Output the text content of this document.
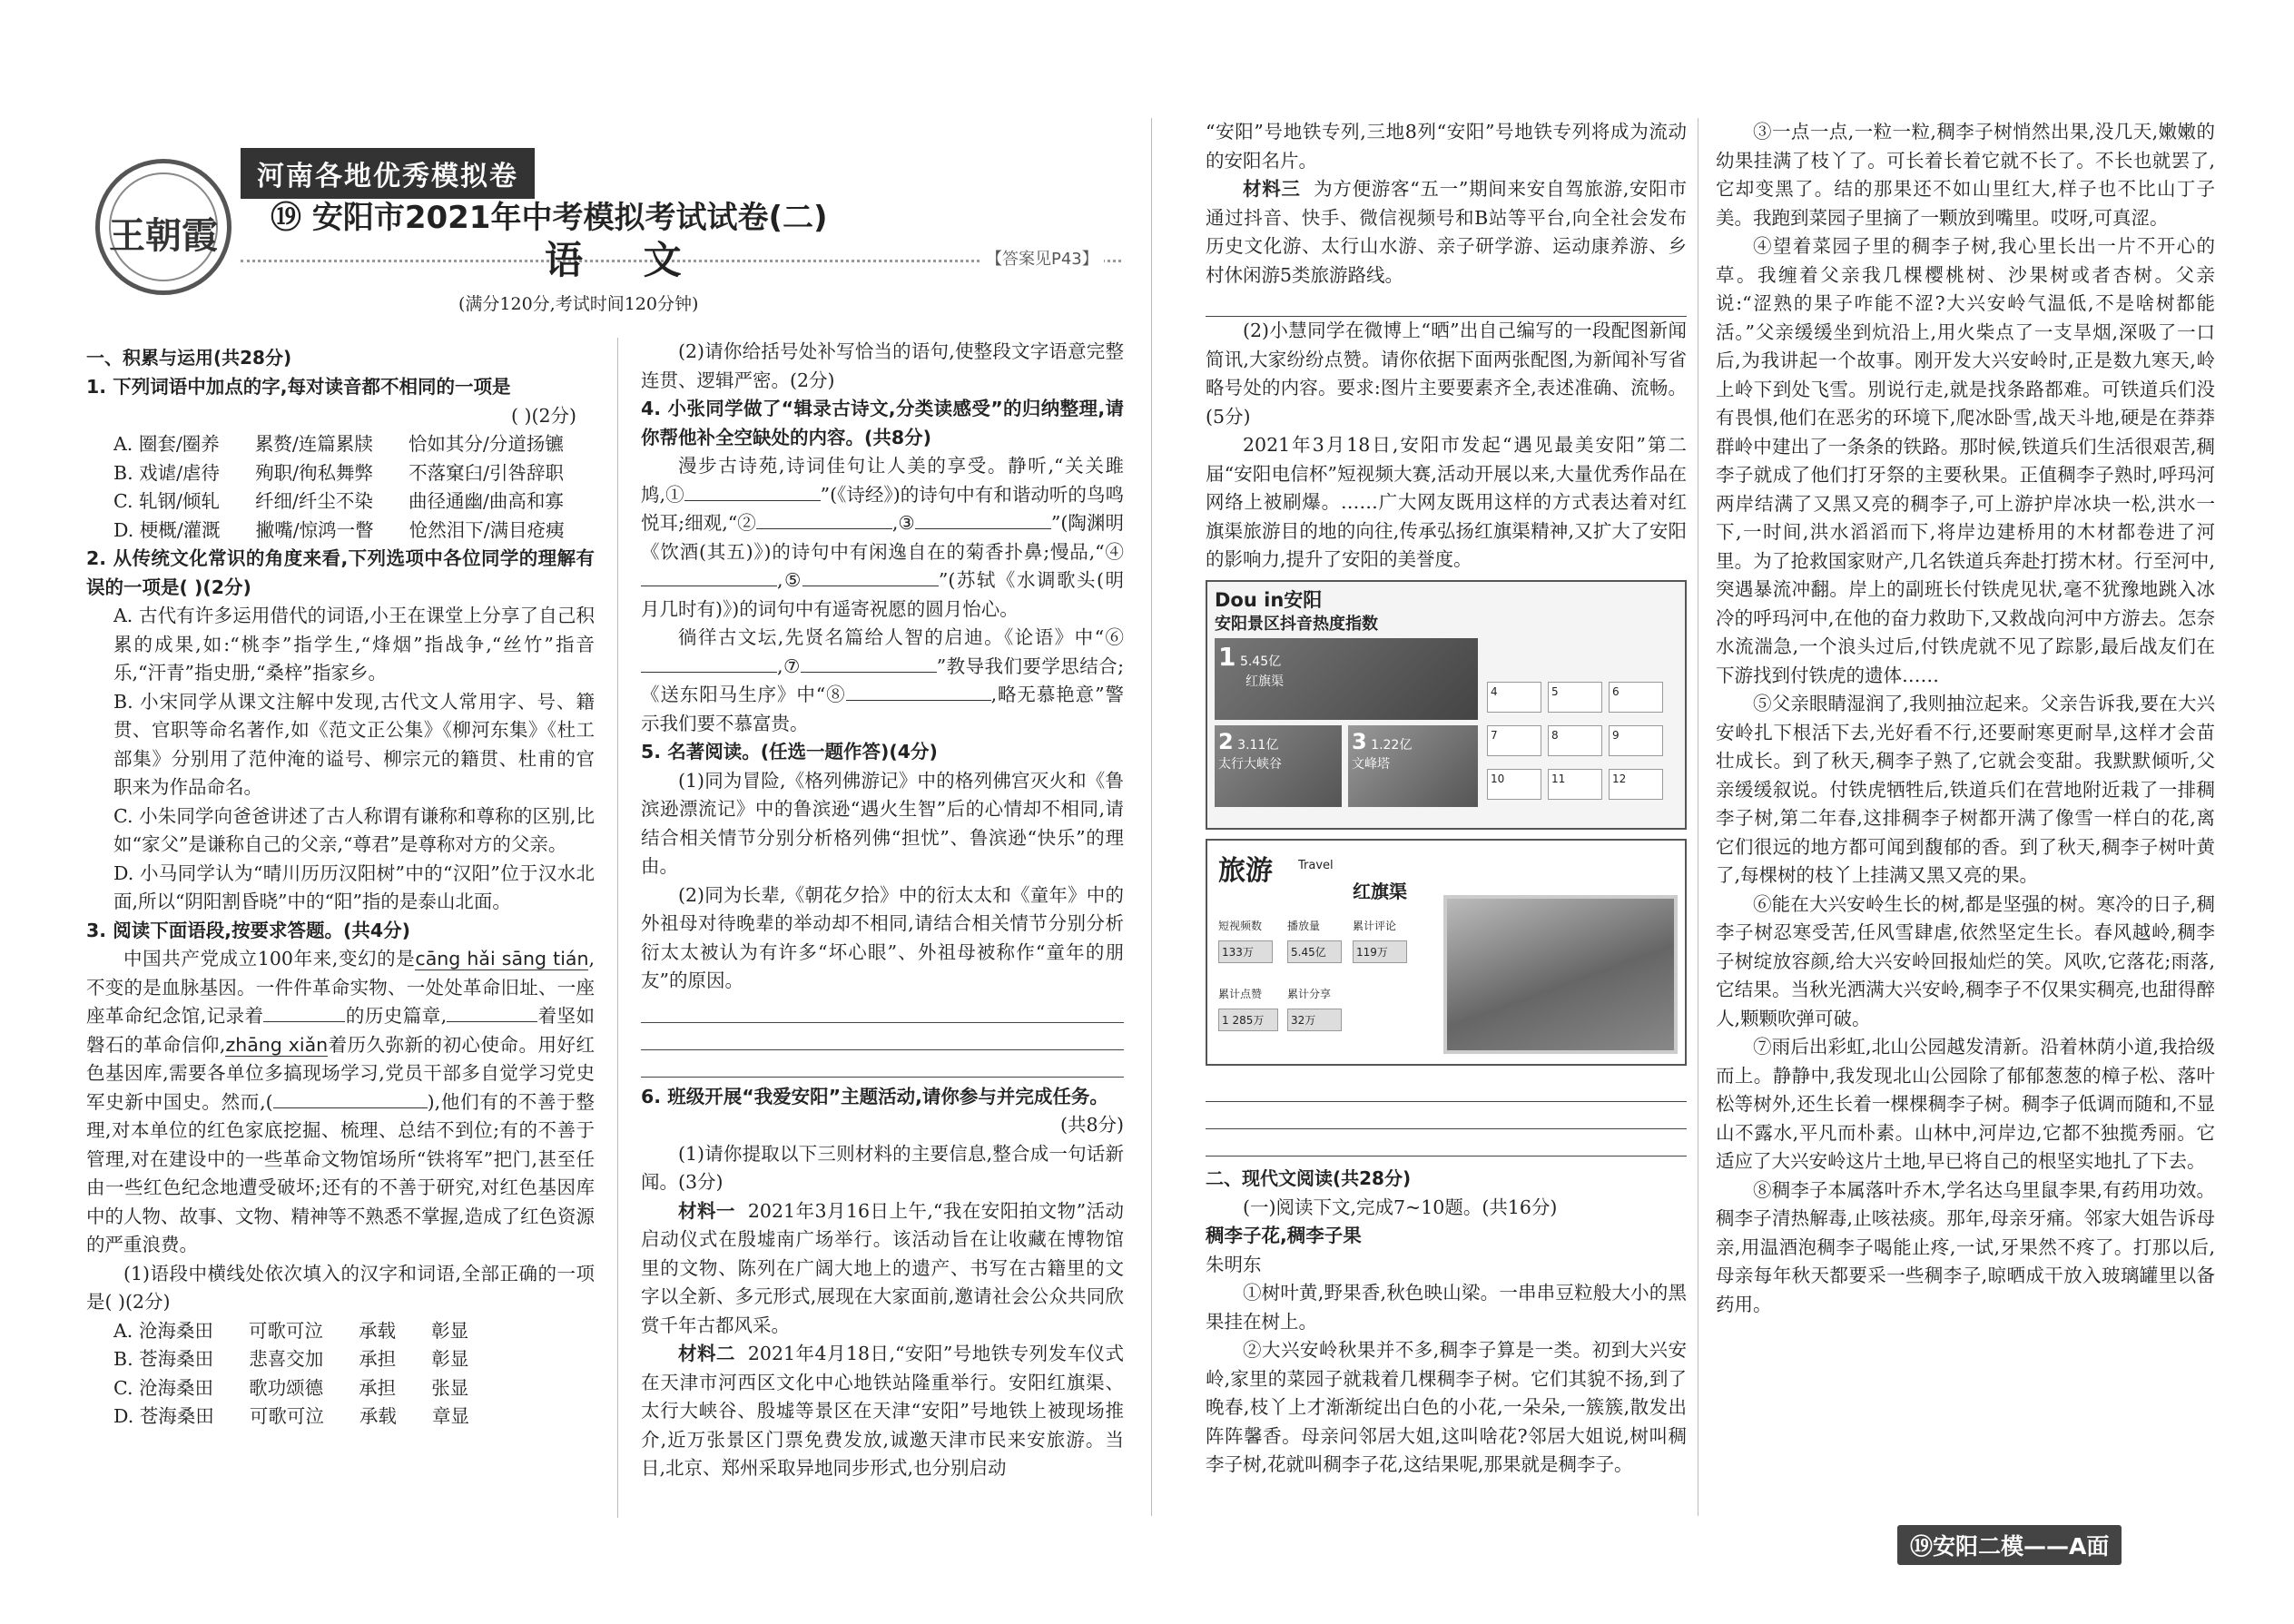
王朝霞
河南各地优秀模拟卷
⑲ 安阳市2021年中考模拟考试试卷(二)
语 文	【答案见P43】
(满分120分,考试时间120分钟)
一、积累与运用(共28分)

1. 下列词语中加点的字,每对读音都不相同的一项是

( )(2分)

A. 圈套/圈养      累赘/连篇累牍      恰如其分/分道扬镳
B. 戏谑/虐待      殉职/徇私舞弊      不落窠臼/引咎辞职
C. 轧钢/倾轧      纤细/纤尘不染      曲径通幽/曲高和寡
D. 梗概/灌溉      撇嘴/惊鸿一瞥      怆然泪下/满目疮痍

2. 从传统文化常识的角度来看,下列选项中各位同学的理解有误的一项是( )(2分)

A. 古代有许多运用借代的词语,小王在课堂上分享了自己积累的成果,如:“桃李”指学生,“烽烟”指战争,“丝竹”指音乐,“汗青”指史册,“桑梓”指家乡。

B. 小宋同学从课文注解中发现,古代文人常用字、号、籍贯、官职等命名著作,如《范文正公集》《柳河东集》《杜工部集》分别用了范仲淹的谥号、柳宗元的籍贯、杜甫的官职来为作品命名。

C. 小朱同学向爸爸讲述了古人称谓有谦称和尊称的区别,比如“家父”是谦称自己的父亲,“尊君”是尊称对方的父亲。

D. 小马同学认为“晴川历历汉阳树”中的“汉阳”位于汉水北面,所以“阴阳割昏晓”中的“阳”指的是泰山北面。

3. 阅读下面语段,按要求答题。(共4分)

中国共产党成立100年来,变幻的是cāng hǎi sāng tián,不变的是血脉基因。一件件革命实物、一处处革命旧址、一座座革命纪念馆,记录着	的历史篇章,	着坚如磐石的革命信仰,zhāng xiǎn着历久弥新的初心使命。用好红色基因库,需要各单位多搞现场学习,党员干部多自觉学习党史军史新中国史。然而,(	),他们有的不善于整理,对本单位的红色家底挖掘、梳理、总结不到位;有的不善于管理,对在建设中的一些革命文物馆场所“铁将军”把门,甚至任由一些红色纪念地遭受破坏;还有的不善于研究,对红色基因库中的人物、故事、文物、精神等不熟悉不掌握,造成了红色资源的严重浪费。

(1)语段中横线处依次填入的汉字和词语,全部正确的一项是( )(2分)

A. 沧海桑田      可歌可泣      承载      彰显
B. 苍海桑田      悲喜交加      承担      彰显
C. 沧海桑田      歌功颂德      承担      张显
D. 苍海桑田      可歌可泣      承载      章显

(2)请你给括号处补写恰当的语句,使整段文字语意完整连贯、逻辑严密。(2分)

4. 小张同学做了“辑录古诗文,分类读感受”的归纳整理,请你帮他补全空缺处的内容。(共8分)

漫步古诗苑,诗词佳句让人美的享受。静听,“关关雎鸠,①	”(《诗经》)的诗句中有和谐动听的鸟鸣悦耳;细观,“②	,③	”(陶渊明《饮酒(其五)》)的诗句中有闲逸自在的菊香扑鼻;慢品,“④,⑤	”(苏轼《水调歌头(明月几时有)》)的词句中有遥寄祝愿的圆月怡心。

徜徉古文坛,先贤名篇给人智的启迪。《论语》中“⑥,⑦	”教导我们要学思结合;《送东阳马生序》中“⑧	,略无慕艳意”警示我们要不慕富贵。

5. 名著阅读。(任选一题作答)(4分)

(1)同为冒险,《格列佛游记》中的格列佛宫灭火和《鲁滨逊漂流记》中的鲁滨逊“遇火生智”后的心情却不相同,请结合相关情节分别分析格列佛“担忧”、鲁滨逊“快乐”的理由。

(2)同为长辈,《朝花夕拾》中的衍太太和《童年》中的外祖母对待晚辈的举动却不相同,请结合相关情节分别分析衍太太被认为有许多“坏心眼”、外祖母被称作“童年的朋友”的原因。

6. 班级开展“我爱安阳”主题活动,请你参与并完成任务。

(共8分)

(1)请你提取以下三则材料的主要信息,整合成一句话新闻。(3分)

材料一 2021年3月16日上午,“我在安阳拍文物”活动启动仪式在殷墟南广场举行。该活动旨在让收藏在博物馆里的文物、陈列在广阔大地上的遗产、书写在古籍里的文字以全新、多元形式,展现在大家面前,邀请社会公众共同欣赏千年古都风采。

材料二 2021年4月18日,“安阳”号地铁专列发车仪式在天津市河西区文化中心地铁站隆重举行。安阳红旗渠、太行大峡谷、殷墟等景区在天津“安阳”号地铁上被现场推介,近万张景区门票免费发放,诚邀天津市民来安旅游。当日,北京、郑州采取异地同步形式,也分别启动

“安阳”号地铁专列,三地8列“安阳”号地铁专列将成为流动的安阳名片。

材料三 为方便游客“五一”期间来安自驾旅游,安阳市通过抖音、快手、微信视频号和B站等平台,向全社会发布历史文化游、太行山水游、亲子研学游、运动康养游、乡村休闲游5类旅游路线。

(2)小慧同学在微博上“晒”出自己编写的一段配图新闻简讯,大家纷纷点赞。请你依据下面两张配图,为新闻补写省略号处的内容。要求:图片主要要素齐全,表述准确、流畅。(5分)

2021年3月18日,安阳市发起“遇见最美安阳”第二届“安阳电信杯”短视频大赛,活动开展以来,大量优秀作品在网络上被刷爆。……广大网友既用这样的方式表达着对红旗渠旅游目的地的向往,传承弘扬红旗渠精神,又扩大了安阳的影响力,提升了安阳的美誉度。

Dou in安阳
安阳景区抖音热度指数
1 5.45亿
红旗渠
2 3.11亿
太行大峡谷
3 1.22亿
文峰塔
4	5	6
7	8	9
10	11	12
旅游 Travel
红旗渠
短视频数 播放量	累计评论
133万	5.45亿	119万
累计点赞 累计分享
1 285万	32万
二、现代文阅读(共28分)

(一)阅读下文,完成7~10题。(共16分)

稠李子花,稠李子果

朱明东

①树叶黄,野果香,秋色映山梁。一串串豆粒般大小的黑果挂在树上。

②大兴安岭秋果并不多,稠李子算是一类。初到大兴安岭,家里的菜园子就栽着几棵稠李子树。它们其貌不扬,到了晚春,枝丫上才渐渐绽出白色的小花,一朵朵,一簇簇,散发出阵阵馨香。母亲问邻居大姐,这叫啥花?邻居大姐说,树叫稠李子树,花就叫稠李子花,这结果呢,那果就是稠李子。

③一点一点,一粒一粒,稠李子树悄然出果,没几天,嫩嫩的幼果挂满了枝丫了。可长着长着它就不长了。不长也就罢了,它却变黑了。结的那果还不如山里红大,样子也不比山丁子美。我跑到菜园子里摘了一颗放到嘴里。哎呀,可真涩。

④望着菜园子里的稠李子树,我心里长出一片不开心的草。我缠着父亲我几棵樱桃树、沙果树或者杏树。父亲说:“涩熟的果子咋能不涩?大兴安岭气温低,不是啥树都能活。”父亲缓缓坐到炕沿上,用火柴点了一支旱烟,深吸了一口后,为我讲起一个故事。刚开发大兴安岭时,正是数九寒天,岭上岭下到处飞雪。別说行走,就是找条路都难。可铁道兵们没有畏惧,他们在恶劣的环境下,爬冰卧雪,战天斗地,硬是在莽莽群岭中建出了一条条的铁路。那时候,铁道兵们生活很艰苦,稠李子就成了他们打牙祭的主要秋果。正值稠李子熟时,呼玛河两岸结满了又黑又亮的稠李子,可上游护岸冰块一松,洪水一下,一时间,洪水滔滔而下,将岸边建桥用的木材都卷进了河里。为了抢救国家财产,几名铁道兵奔赴打捞木材。行至河中,突遇暴流冲翻。岸上的副班长付铁虎见状,毫不犹豫地跳入冰冷的呼玛河中,在他的奋力救助下,又救战向河中方游去。怎奈水流湍急,一个浪头过后,付铁虎就不见了踪影,最后战友们在下游找到付铁虎的遗体……

⑤父亲眼睛湿润了,我则抽泣起来。父亲告诉我,要在大兴安岭扎下根活下去,光好看不行,还要耐寒更耐旱,这样才会苗壮成长。到了秋天,稠李子熟了,它就会变甜。我默默倾听,父亲缓缓叙说。付铁虎牺牲后,铁道兵们在营地附近栽了一排稠李子树,第二年春,这排稠李子树都开满了像雪一样白的花,离它们很远的地方都可闻到馥郁的香。到了秋天,稠李子树叶黄了,每棵树的枝丫上挂满又黑又亮的果。

⑥能在大兴安岭生长的树,都是坚强的树。寒冷的日子,稠李子树忍寒受苦,任风雪肆虐,依然坚定生长。春风越岭,稠李子树绽放容颜,给大兴安岭回报灿烂的笑。风吹,它落花;雨落,它结果。当秋光洒满大兴安岭,稠李子不仅果实稠亮,也甜得醉人,颗颗吹弹可破。

⑦雨后出彩虹,北山公园越发清新。沿着林荫小道,我拾级而上。静静中,我发现北山公园除了郁郁葱葱的樟子松、落叶松等树外,还生长着一棵棵稠李子树。稠李子低调而随和,不显山不露水,平凡而朴素。山林中,河岸边,它都不独揽秀丽。它适应了大兴安岭这片土地,早已将自己的根坚实地扎了下去。

⑧稠李子本属落叶乔木,学名达乌里鼠李果,有药用功效。稠李子清热解毒,止咳祛痰。那年,母亲牙痛。邻家大姐告诉母亲,用温酒泡稠李子喝能止疼,一试,牙果然不疼了。打那以后,母亲每年秋天都要采一些稠李子,晾晒成干放入玻璃罐里以备药用。

⑲安阳二模——A面
